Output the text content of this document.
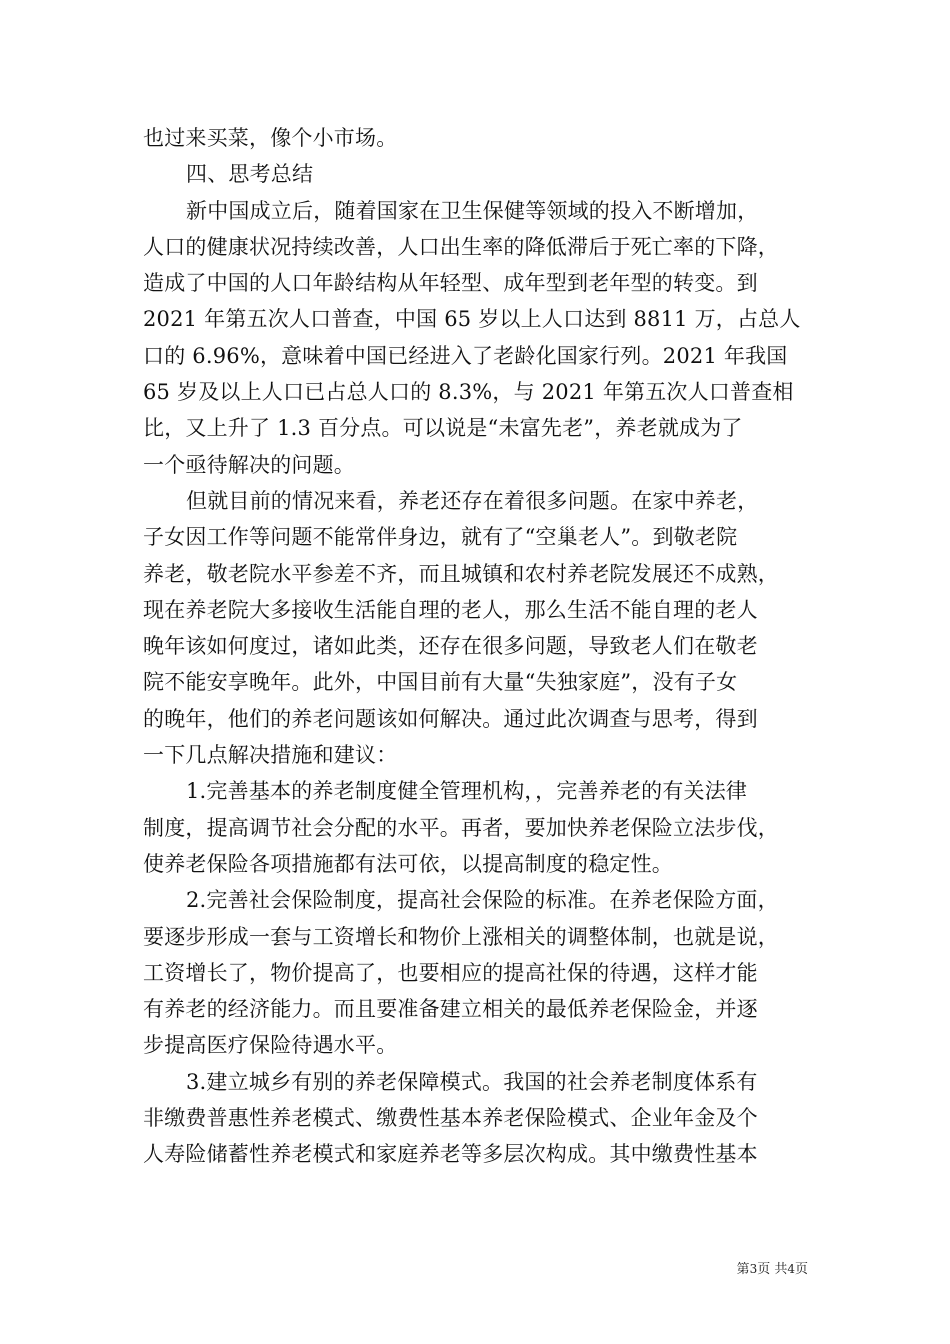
也过来买菜，像个小市场。
四、思考总结
新中国成立后，随着国家在卫生保健等领域的投入不断增加，
人口的健康状况持续改善，人口出生率的降低滞后于死亡率的下降，
造成了中国的人口年龄结构从年轻型、成年型到老年型的转变。到
2021 年第五次人口普查，中国 65 岁以上人口达到 8811 万，占总人
口的 6.96%，意味着中国已经进入了老龄化国家行列。2021 年我国
65 岁及以上人口已占总人口的 8.3%，与 2021 年第五次人口普查相
比，又上升了 1.3 百分点。可以说是“未富先老”，养老就成为了
一个亟待解决的问题。
但就目前的情况来看，养老还存在着很多问题。在家中养老，
子女因工作等问题不能常伴身边，就有了“空巢老人”。到敬老院
养老，敬老院水平参差不齐，而且城镇和农村养老院发展还不成熟，
现在养老院大多接收生活能自理的老人，那么生活不能自理的老人
晚年该如何度过，诸如此类，还存在很多问题，导致老人们在敬老
院不能安享晚年。此外，中国目前有大量“失独家庭”，没有子女
的晚年，他们的养老问题该如何解决。通过此次调查与思考，得到
一下几点解决措施和建议：
1.完善基本的养老制度健全管理机构，，完善养老的有关法律
制度，提高调节社会分配的水平。再者，要加快养老保险立法步伐，
使养老保险各项措施都有法可依，以提高制度的稳定性。
2.完善社会保险制度，提高社会保险的标准。在养老保险方面，
要逐步形成一套与工资增长和物价上涨相关的调整体制，也就是说，
工资增长了，物价提高了，也要相应的提高社保的待遇，这样才能
有养老的经济能力。而且要准备建立相关的最低养老保险金，并逐
步提高医疗保险待遇水平。
3.建立城乡有别的养老保障模式。我国的社会养老制度体系有
非缴费普惠性养老模式、缴费性基本养老保险模式、企业年金及个
人寿险储蓄性养老模式和家庭养老等多层次构成。其中缴费性基本
第3页 共4页
